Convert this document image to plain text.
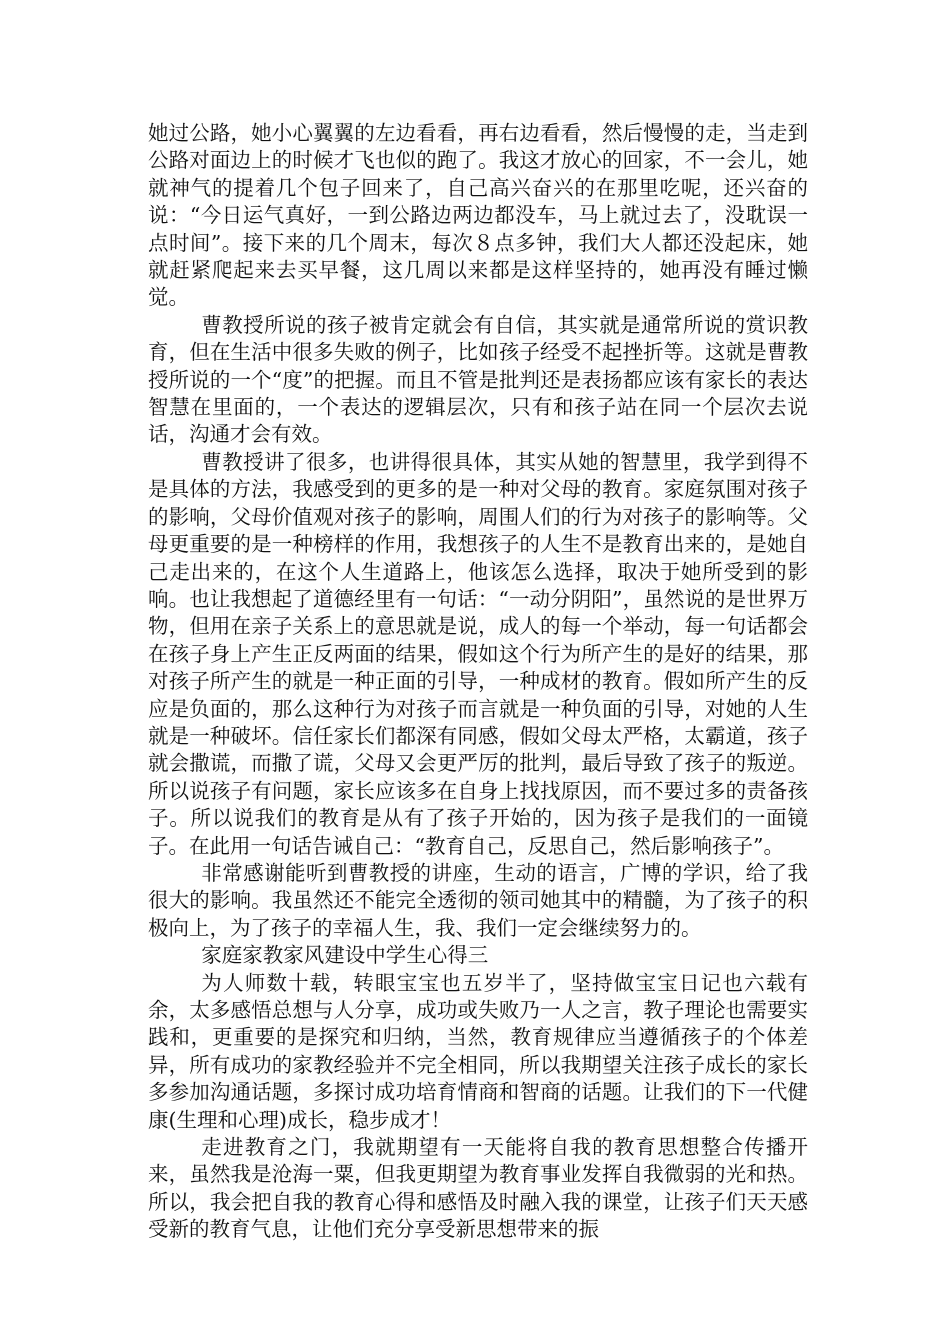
她过公路，她小心翼翼的左边看看，再右边看看，然后慢慢的走，当走到公路对面边上的时候才飞也似的跑了。我这才放心的回家，不一会儿，她就神气的提着几个包子回来了，自己高兴奋兴的在那里吃呢，还兴奋的说：“今日运气真好，一到公路边两边都没车，马上就过去了，没耽误一点时间”。接下来的几个周末，每次８点多钟，我们大人都还没起床，她就赶紧爬起来去买早餐，这几周以来都是这样坚持的，她再没有睡过懒觉。

曹教授所说的孩子被肯定就会有自信，其实就是通常所说的赏识教育，但在生活中很多失败的例子，比如孩子经受不起挫折等。这就是曹教授所说的一个“度”的把握。而且不管是批判还是表扬都应该有家长的表达智慧在里面的，一个表达的逻辑层次，只有和孩子站在同一个层次去说话，沟通才会有效。

曹教授讲了很多，也讲得很具体，其实从她的智慧里，我学到得不是具体的方法，我感受到的更多的是一种对父母的教育。家庭氛围对孩子的影响，父母价值观对孩子的影响，周围人们的行为对孩子的影响等。父母更重要的是一种榜样的作用，我想孩子的人生不是教育出来的，是她自己走出来的，在这个人生道路上，他该怎么选择，取决于她所受到的影响。也让我想起了道德经里有一句话：“一动分阴阳”，虽然说的是世界万物，但用在亲子关系上的意思就是说，成人的每一个举动，每一句话都会在孩子身上产生正反两面的结果，假如这个行为所产生的是好的结果，那对孩子所产生的就是一种正面的引导，一种成材的教育。假如所产生的反应是负面的，那么这种行为对孩子而言就是一种负面的引导，对她的人生就是一种破坏。信任家长们都深有同感，假如父母太严格，太霸道，孩子就会撒谎，而撒了谎，父母又会更严厉的批判，最后导致了孩子的叛逆。所以说孩子有问题，家长应该多在自身上找找原因，而不要过多的责备孩子。所以说我们的教育是从有了孩子开始的，因为孩子是我们的一面镜子。在此用一句话告诫自己：“教育自己，反思自己，然后影响孩子”。

非常感谢能听到曹教授的讲座，生动的语言，广博的学识，给了我很大的影响。我虽然还不能完全透彻的领司她其中的精髓，为了孩子的积极向上，为了孩子的幸福人生，我、我们一定会继续努力的。

家庭家教家风建设中学生心得三

为人师数十载，转眼宝宝也五岁半了，坚持做宝宝日记也六载有余，太多感悟总想与人分享，成功或失败乃一人之言，教子理论也需要实践和，更重要的是探究和归纳，当然，教育规律应当遵循孩子的个体差异，所有成功的家教经验并不完全相同，所以我期望关注孩子成长的家长多参加沟通话题，多探讨成功培育情商和智商的话题。让我们的下一代健康(生理和心理)成长，稳步成才！

走进教育之门，我就期望有一天能将自我的教育思想整合传播开来，虽然我是沧海一粟，但我更期望为教育事业发挥自我微弱的光和热。所以，我会把自我的教育心得和感悟及时融入我的课堂，让孩子们天天感受新的教育气息，让他们充分享受新思想带来的振
